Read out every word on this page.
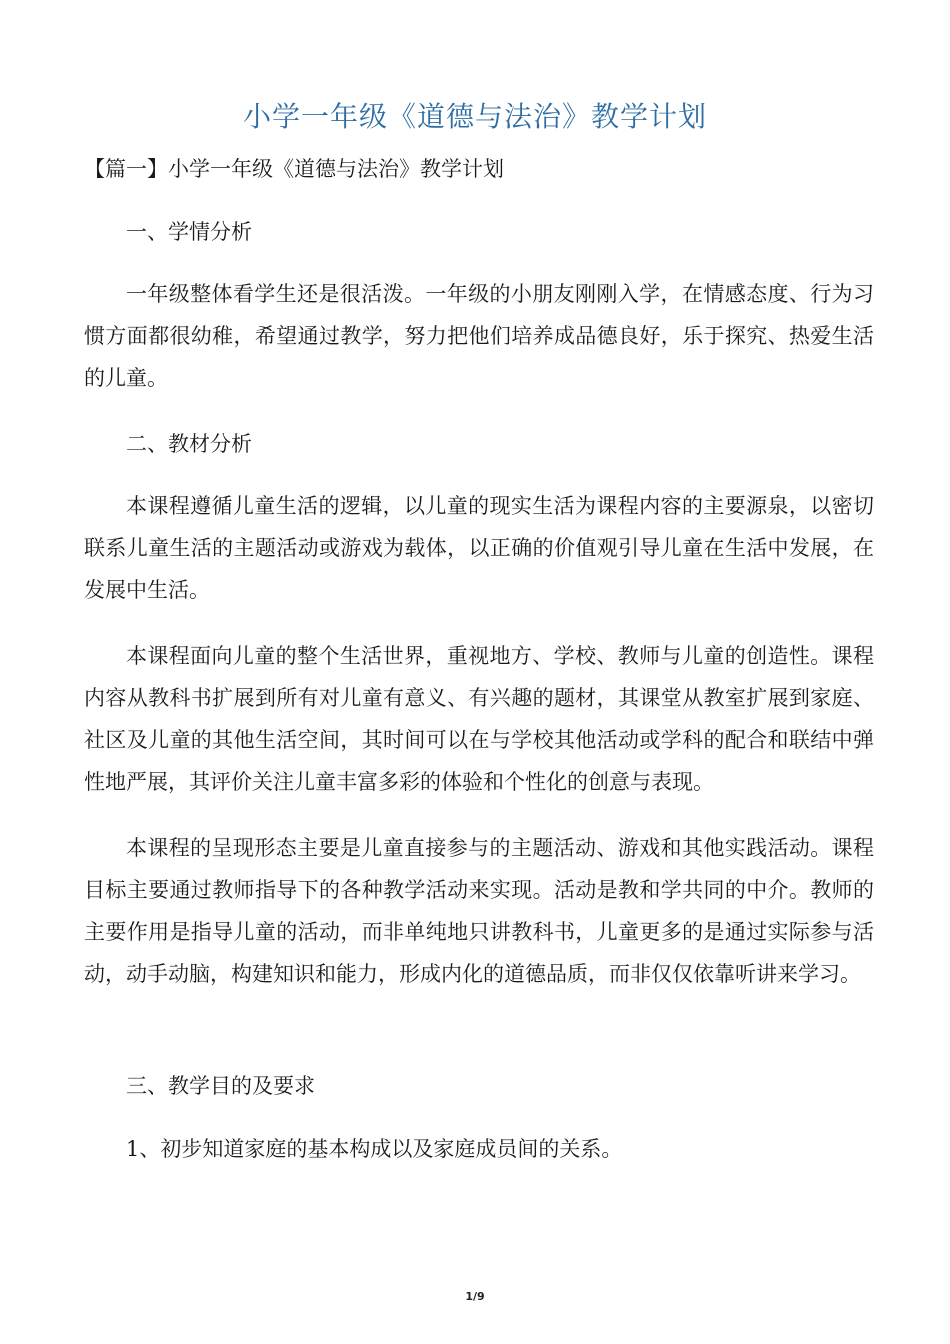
小学一年级《道德与法治》教学计划
【篇一】小学一年级《道德与法治》教学计划
一、学情分析
一年级整体看学生还是很活泼。一年级的小朋友刚刚入学，在情感态度、行为习惯方面都很幼稚，希望通过教学，努力把他们培养成品德良好，乐于探究、热爱生活的儿童。
二、教材分析
本课程遵循儿童生活的逻辑，以儿童的现实生活为课程内容的主要源泉，以密切联系儿童生活的主题活动或游戏为载体，以正确的价值观引导儿童在生活中发展，在发展中生活。
本课程面向儿童的整个生活世界，重视地方、学校、教师与儿童的创造性。课程内容从教科书扩展到所有对儿童有意义、有兴趣的题材，其课堂从教室扩展到家庭、社区及儿童的其他生活空间，其时间可以在与学校其他活动或学科的配合和联结中弹性地严展，其评价关注儿童丰富多彩的体验和个性化的创意与表现。
本课程的呈现形态主要是儿童直接参与的主题活动、游戏和其他实践活动。课程目标主要通过教师指导下的各种教学活动来实现。活动是教和学共同的中介。教师的主要作用是指导儿童的活动，而非单纯地只讲教科书，儿童更多的是通过实际参与活动，动手动脑，构建知识和能力，形成内化的道德品质，而非仅仅依靠听讲来学习。
三、教学目的及要求
1、初步知道家庭的基本构成以及家庭成员间的关系。
1/9
